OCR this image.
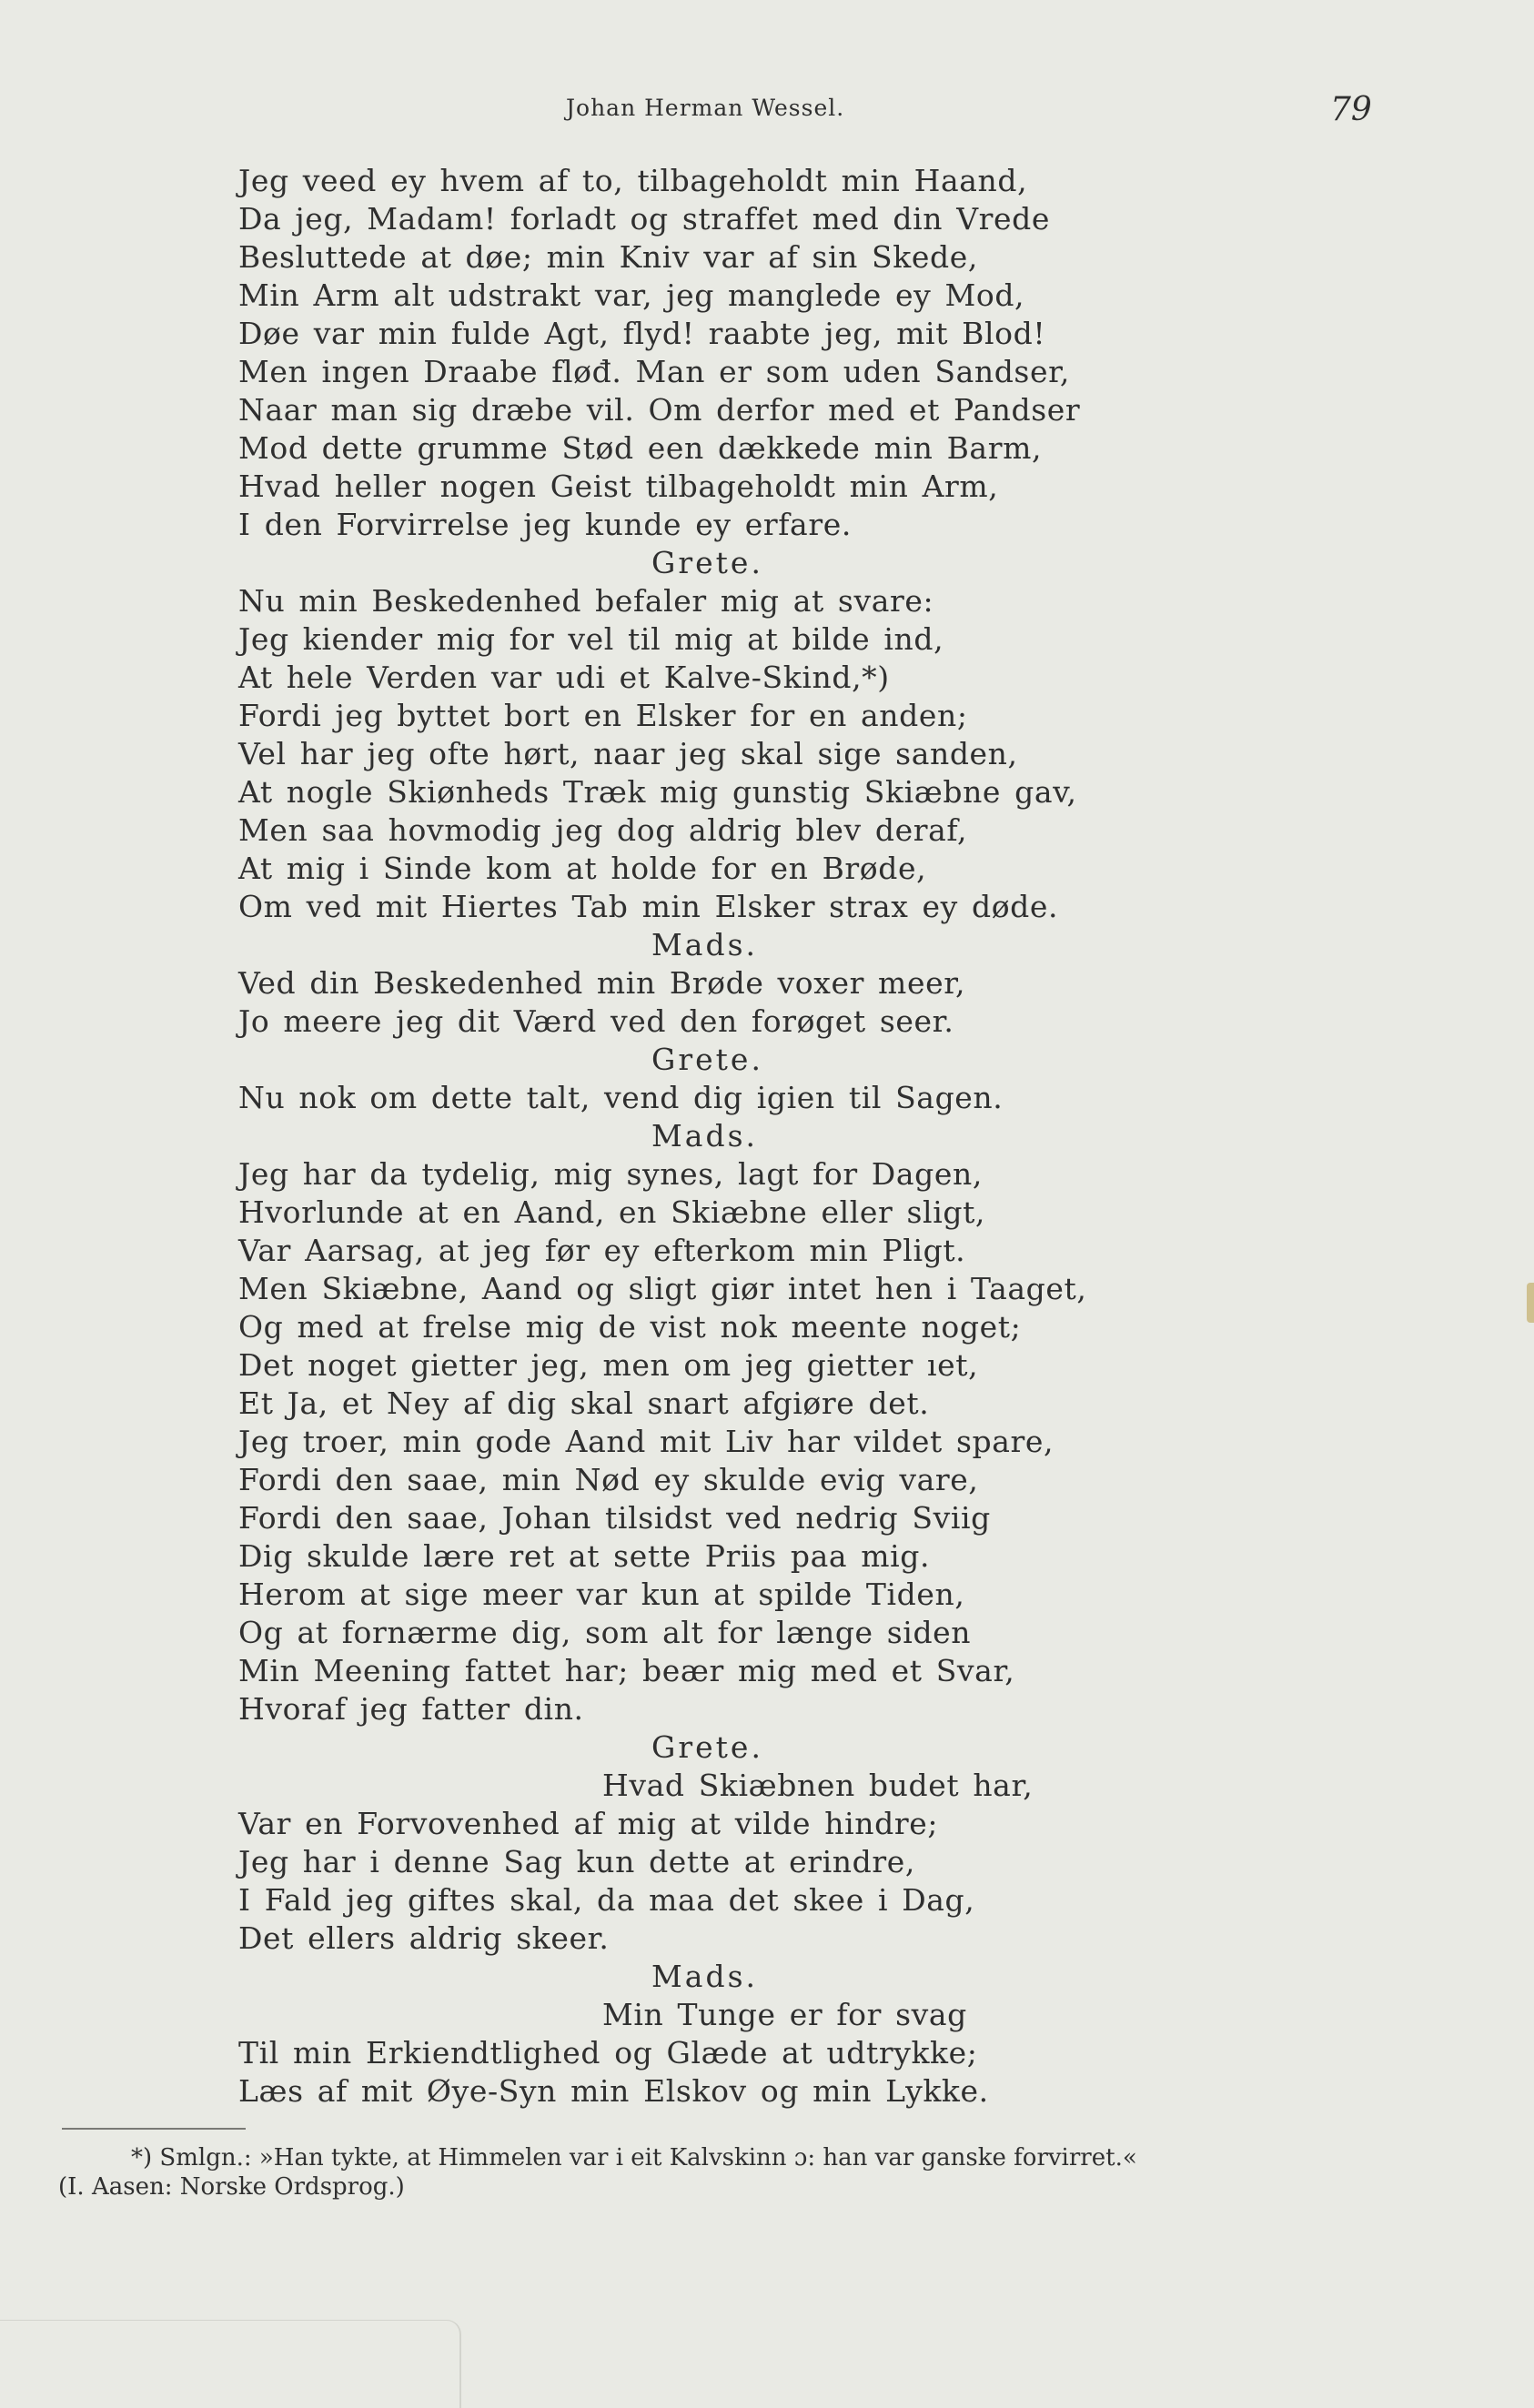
Johan Herman Wessel.	79
Jeg veed ey hvem af to, tilbageholdt min Haand,
Da jeg, Madam! forladt og straffet med din Vrede
Besluttede at døe; min Kniv var af sin Skede,
Min Arm alt udstrakt var, jeg manglede ey Mod,
Døe var min fulde Agt, flyd! raabte jeg, mit Blod!
Men ingen Draabe fløđ. Man er som uden Sandser,
Naar man sig dræbe vil. Om derfor med et Pandser
Mod dette grumme Stød een dækkede min Barm,
Hvad heller nogen Geist tilbageholdt min Arm,
I den Forvirrelse jeg kunde ey erfare.
Grete.
Nu min Beskedenhed befaler mig at svare:
Jeg kiender mig for vel til mig at bilde ind,
At hele Verden var udi et Kalve-Skind,*)
Fordi jeg byttet bort en Elsker for en anden;
Vel har jeg ofte hørt, naar jeg skal sige sanden,
At nogle Skiønheds Træk mig gunstig Skiæbne gav,
Men saa hovmodig jeg dog aldrig blev deraf,
At mig i Sinde kom at holde for en Brøde,
Om ved mit Hiertes Tab min Elsker strax ey døde.
Mads.
Ved din Beskedenhed min Brøde voxer meer,
Jo meere jeg dit Værd ved den forøget seer.
Grete.
Nu nok om dette talt, vend dig igien til Sagen.
Mads.
Jeg har da tydelig, mig synes, lagt for Dagen,
Hvorlunde at en Aand, en Skiæbne eller sligt,
Var Aarsag, at jeg før ey efterkom min Pligt.
Men Skiæbne, Aand og sligt giør intet hen i Taaget,
Og med at frelse mig de vist nok meente noget;
Det noget gietter jeg, men om jeg gietter ıet,
Et Ja, et Ney af dig skal snart afgiøre det.
Jeg troer, min gode Aand mit Liv har vildet spare,
Fordi den saae, min Nød ey skulde evig vare,
Fordi den saae, Johan tilsidst ved nedrig Sviig
Dig skulde lære ret at sette Priis paa mig.
Herom at sige meer var kun at spilde Tiden,
Og at fornærme dig, som alt for længe siden
Min Meening fattet har; beær mig med et Svar,
Hvoraf jeg fatter din.
Grete.
Hvad Skiæbnen budet har,
Var en Forvovenhed af mig at vilde hindre;
Jeg har i denne Sag kun dette at erindre,
I Fald jeg giftes skal, da maa det skee i Dag,
Det ellers aldrig skeer.
Mads.
Min Tunge er for svag
Til min Erkiendtlighed og Glæde at udtrykke;
Læs af mit Øye-Syn min Elskov og min Lykke.
*) Smlgn.: »Han tykte, at Himmelen var i eit Kalvskinn ɔ: han var ganske forvirret.«
(I. Aasen: Norske Ordsprog.)
